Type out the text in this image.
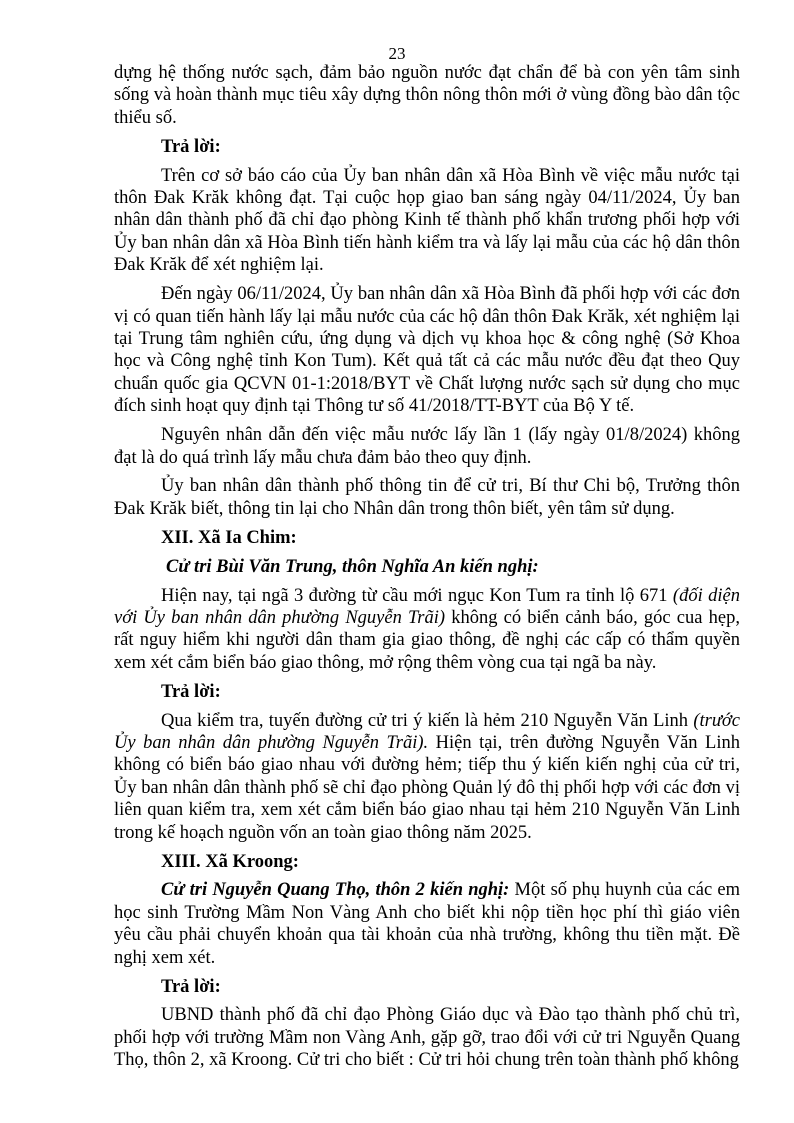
23

dựng hệ thống nước sạch, đảm bảo nguồn nước đạt chẩn để bà con yên tâm sinh sống và hoàn thành mục tiêu xây dựng thôn nông thôn mới ở vùng đồng bào dân tộc thiểu số.

Trả lời:

Trên cơ sở báo cáo của Ủy ban nhân dân xã Hòa Bình về việc mẫu nước tại thôn Đak Krăk không đạt. Tại cuộc họp giao ban sáng ngày 04/11/2024, Ủy ban nhân dân thành phố đã chỉ đạo phòng Kinh tế thành phố khẩn trương phối hợp với Ủy ban nhân dân xã Hòa Bình tiến hành kiểm tra và lấy lại mẫu của các hộ dân thôn Đak Krăk để xét nghiệm lại.

Đến ngày 06/11/2024, Ủy ban nhân dân xã Hòa Bình đã phối hợp với các đơn vị có quan tiến hành lấy lại mẫu nước của các hộ dân thôn Đak Krăk, xét nghiệm lại tại Trung tâm nghiên cứu, ứng dụng và dịch vụ khoa học & công nghệ (Sở Khoa học và Công nghệ tỉnh Kon Tum). Kết quả tất cả các mẫu nước đều đạt theo Quy chuẩn quốc gia QCVN 01-1:2018/BYT về Chất lượng nước sạch sử dụng cho mục đích sinh hoạt quy định tại Thông tư số 41/2018/TT-BYT của Bộ Y tế.

Nguyên nhân dẫn đến việc mẫu nước lấy lần 1 (lấy ngày 01/8/2024) không đạt là do quá trình lấy mẫu chưa đảm bảo theo quy định.

Ủy ban nhân dân thành phố thông tin để cử tri, Bí thư Chi bộ, Trưởng thôn Đak Krăk biết, thông tin lại cho Nhân dân trong thôn biết, yên tâm sử dụng.

XII. Xã Ia Chim:

Cử tri Bùi Văn Trung, thôn Nghĩa An kiến nghị:

Hiện nay, tại ngã 3 đường từ cầu mới ngục Kon Tum ra tỉnh lộ 671 (đối diện với Ủy ban nhân dân phường Nguyễn Trãi) không có biển cảnh báo, góc cua hẹp, rất nguy hiểm khi người dân tham gia giao thông, đề nghị các cấp có thẩm quyền xem xét cắm biển báo giao thông, mở rộng thêm vòng cua tại ngã ba này.

Trả lời:

Qua kiểm tra, tuyến đường cử tri ý kiến là hẻm 210 Nguyễn Văn Linh (trước Ủy ban nhân dân phường Nguyễn Trãi). Hiện tại, trên đường Nguyễn Văn Linh không có biển báo giao nhau với đường hẻm; tiếp thu ý kiến kiến nghị của cử tri, Ủy ban nhân dân thành phố sẽ chỉ đạo phòng Quản lý đô thị phối hợp với các đơn vị liên quan kiểm tra, xem xét cắm biển báo giao nhau tại hẻm 210 Nguyễn Văn Linh trong kế hoạch nguồn vốn an toàn giao thông năm 2025.

XIII. Xã Kroong:

Cử tri Nguyễn Quang Thọ, thôn 2 kiến nghị: Một số phụ huynh của các em học sinh Trường Mầm Non Vàng Anh cho biết khi nộp tiền học phí thì giáo viên yêu cầu phải chuyển khoản qua tài khoản của nhà trường, không thu tiền mặt. Đề nghị xem xét.

Trả lời:

UBND thành phố đã chỉ đạo Phòng Giáo dục và Đào tạo thành phố chủ trì, phối hợp với trường Mầm non Vàng Anh, gặp gỡ, trao đổi với cử tri Nguyễn Quang Thọ, thôn 2, xã Kroong. Cử tri cho biết : Cử tri hỏi chung trên toàn thành phố không
